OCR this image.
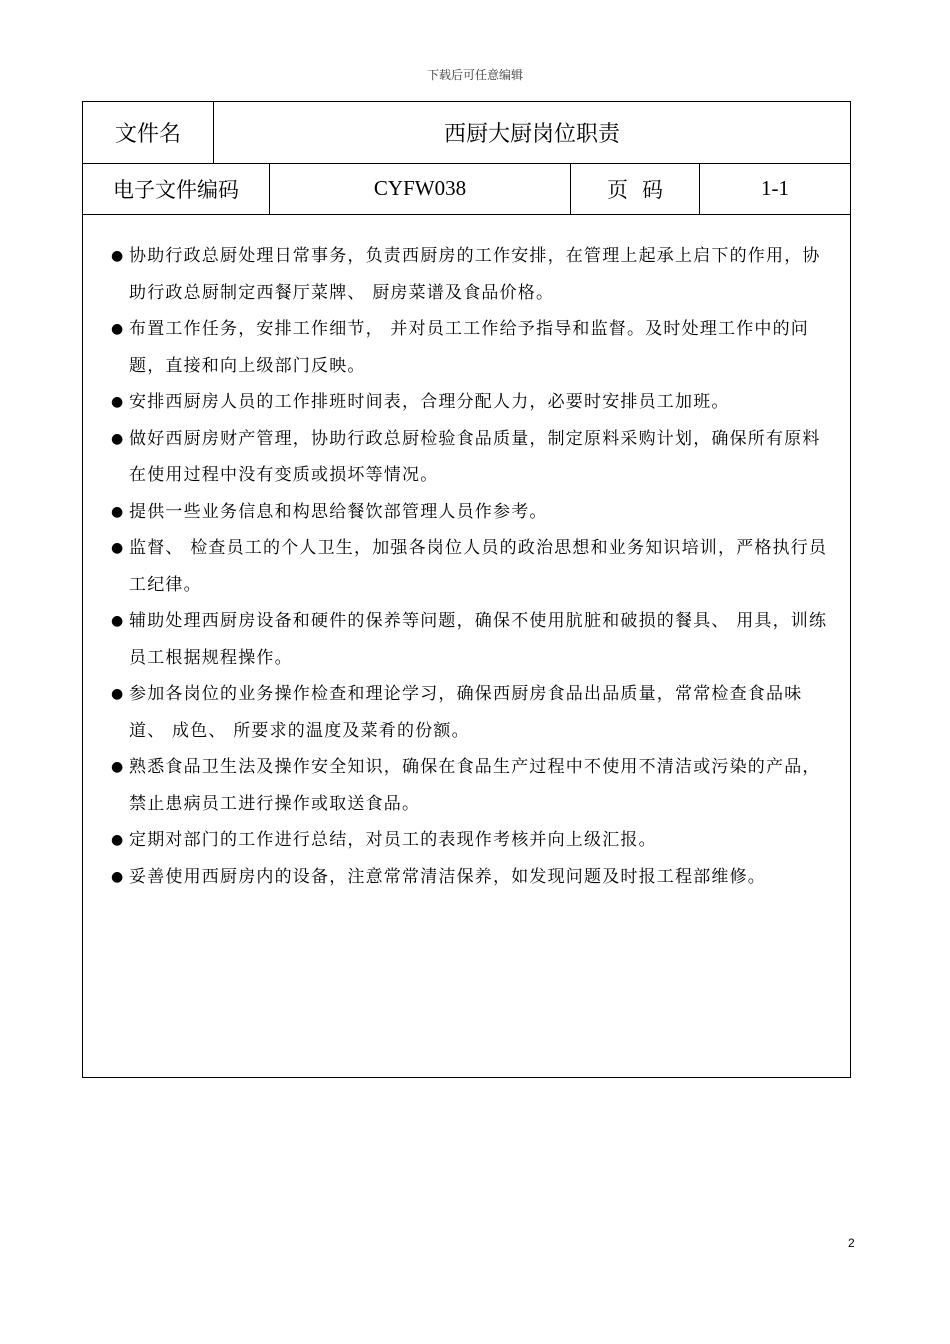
下载后可任意编辑
文件名	西厨大厨岗位职责
电子文件编码	CYFW038	页码	1-1
● 协助行政总厨处理日常事务，负责西厨房的工作安排，在管理上起承上启下的作用，协助行政总厨制定西餐厅菜牌、 厨房菜谱及食品价格。
● 布置工作任务，安排工作细节， 并对员工工作给予指导和监督。及时处理工作中的问题，直接和向上级部门反映。
● 安排西厨房人员的工作排班时间表，合理分配人力，必要时安排员工加班。
● 做好西厨房财产管理，协助行政总厨检验食品质量，制定原料采购计划，确保所有原料在使用过程中没有变质或损坏等情况。
● 提供一些业务信息和构思给餐饮部管理人员作参考。
● 监督、 检查员工的个人卫生，加强各岗位人员的政治思想和业务知识培训，严格执行员工纪律。
● 辅助处理西厨房设备和硬件的保养等问题，确保不使用肮脏和破损的餐具、 用具，训练员工根据规程操作。
● 参加各岗位的业务操作检查和理论学习，确保西厨房食品出品质量，常常检查食品味道、 成色、 所要求的温度及菜肴的份额。
● 熟悉食品卫生法及操作安全知识，确保在食品生产过程中不使用不清洁或污染的产品，禁止患病员工进行操作或取送食品。
● 定期对部门的工作进行总结，对员工的表现作考核并向上级汇报。
● 妥善使用西厨房内的设备，注意常常清洁保养，如发现问题及时报工程部维修。
2
